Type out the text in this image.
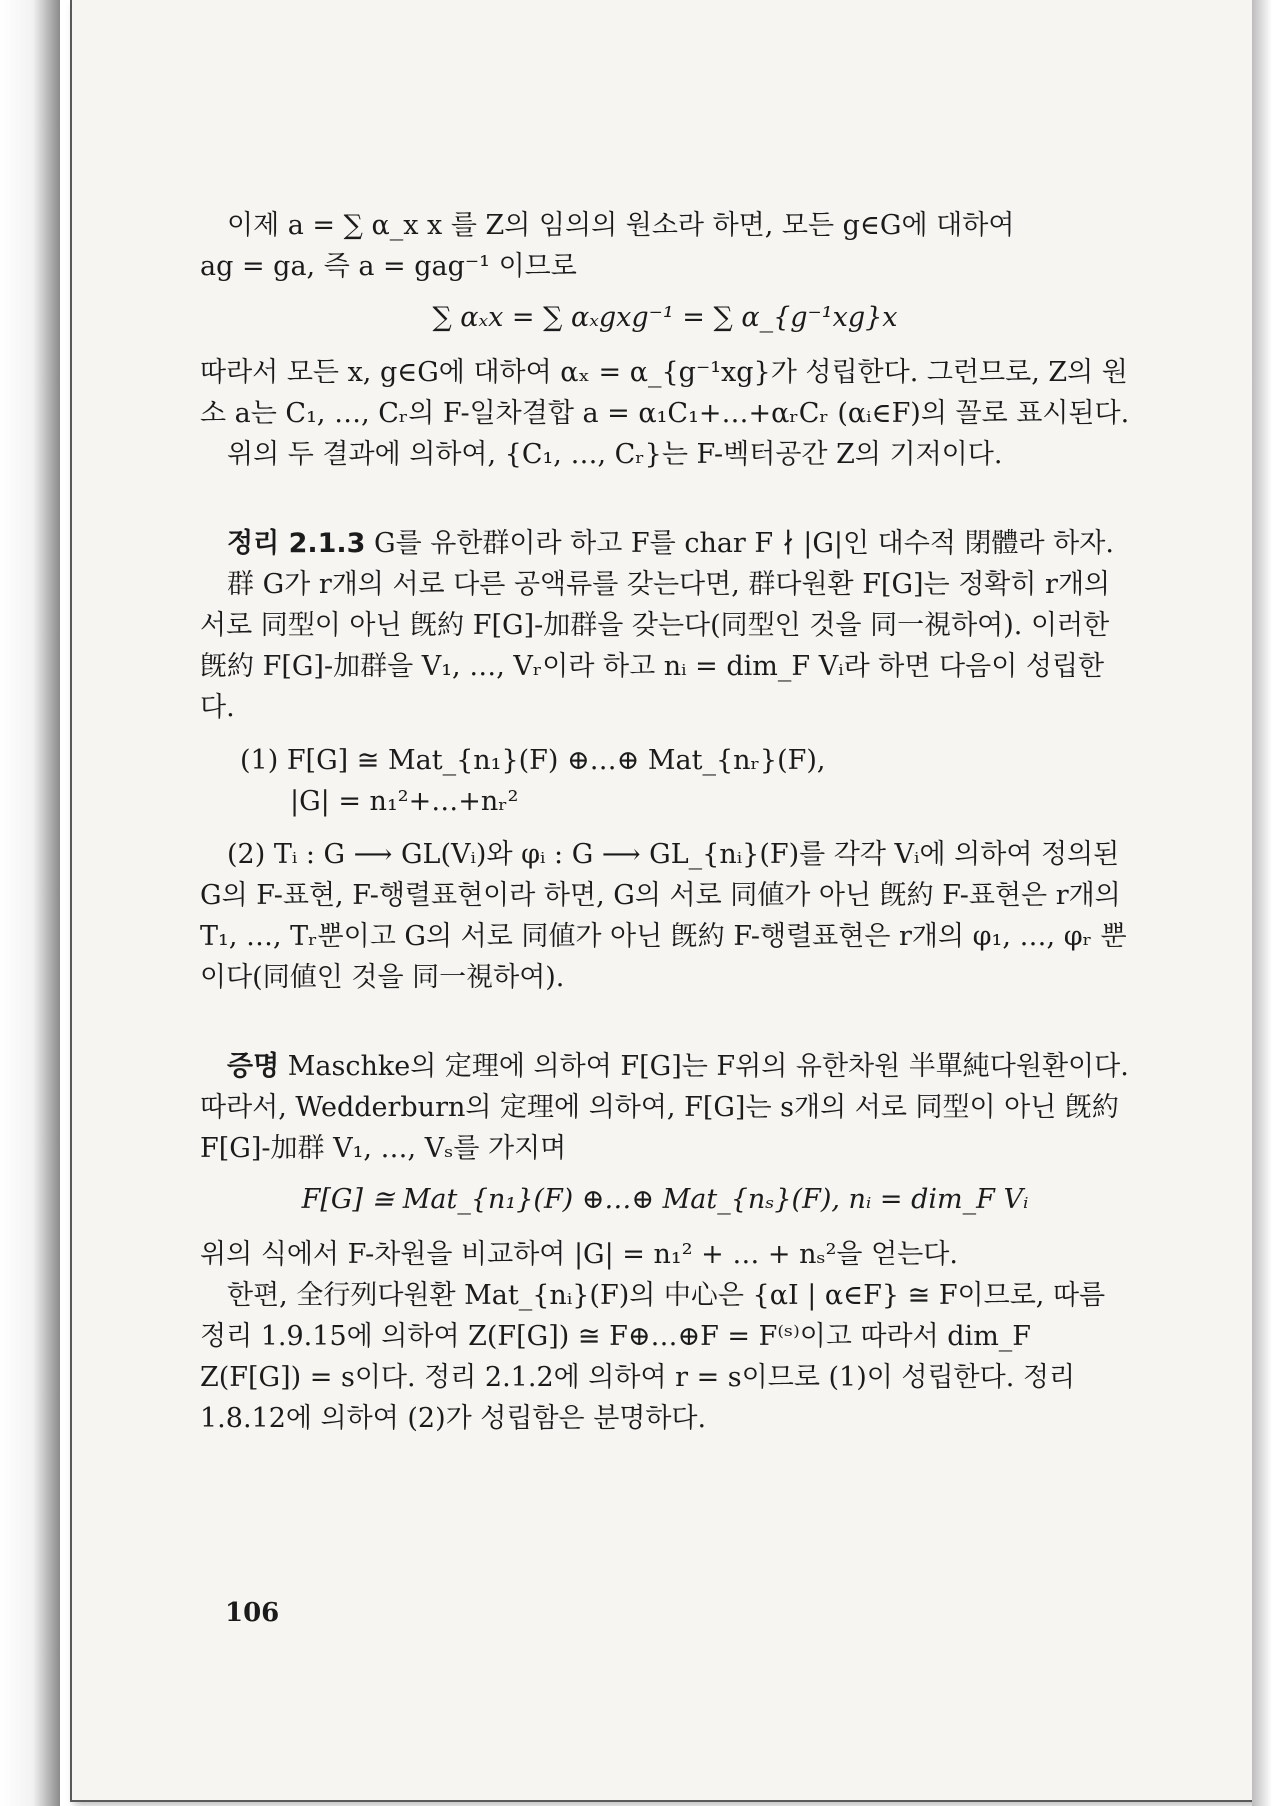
이제 a = ∑ α_x x 를 Z의 임의의 원소라 하면, 모든 g∈G에 대하여

ag = ga, 즉 a = gag⁻¹ 이므로

∑ αₓx = ∑ αₓgxg⁻¹ = ∑ α_{g⁻¹xg}x

따라서 모든 x, g∈G에 대하여 αₓ = α_{g⁻¹xg}가 성립한다. 그런므로, Z의 원소 a는 C₁, …, Cᵣ의 F-일차결합 a = α₁C₁+…+αᵣCᵣ (αᵢ∈F)의 꼴로 표시된다.

위의 두 결과에 의하여, {C₁, …, Cᵣ}는 F-벡터공간 Z의 기저이다.

정리 2.1.3 G를 유한群이라 하고 F를 char F ∤ |G|인 대수적 閉體라 하자.

群 G가 r개의 서로 다른 공액류를 갖는다면, 群다원환 F[G]는 정확히 r개의 서로 同型이 아닌 旣約 F[G]-加群을 갖는다(同型인 것을 同一視하여). 이러한 旣約 F[G]-加群을 V₁, …, Vᵣ이라 하고 nᵢ = dim_F Vᵢ라 하면 다음이 성립한다.

(1) F[G] ≅ Mat_{n₁}(F) ⊕…⊕ Mat_{nᵣ}(F),

|G| = n₁²+…+nᵣ²

(2) Tᵢ : G ⟶ GL(Vᵢ)와 φᵢ : G ⟶ GL_{nᵢ}(F)를 각각 Vᵢ에 의하여 정의된 G의 F-표현, F-행렬표현이라 하면, G의 서로 同値가 아닌 旣約 F-표현은 r개의 T₁, …, Tᵣ뿐이고 G의 서로 同値가 아닌 旣約 F-행렬표현은 r개의 φ₁, …, φᵣ 뿐이다(同値인 것을 同一視하여).

증명 Maschke의 定理에 의하여 F[G]는 F위의 유한차원 半單純다원환이다. 따라서, Wedderburn의 定理에 의하여, F[G]는 s개의 서로 同型이 아닌 旣約 F[G]-加群 V₁, …, Vₛ를 가지며

F[G] ≅ Mat_{n₁}(F) ⊕…⊕ Mat_{nₛ}(F), nᵢ = dim_F Vᵢ

위의 식에서 F-차원을 비교하여 |G| = n₁² + … + nₛ²을 얻는다.

한편, 全行列다원환 Mat_{nᵢ}(F)의 中心은 {αI | α∈F} ≅ F이므로, 따름정리 1.9.15에 의하여 Z(F[G]) ≅ F⊕…⊕F = F⁽ˢ⁾이고 따라서 dim_F Z(F[G]) = s이다. 정리 2.1.2에 의하여 r = s이므로 (1)이 성립한다. 정리 1.8.12에 의하여 (2)가 성립함은 분명하다.

106
